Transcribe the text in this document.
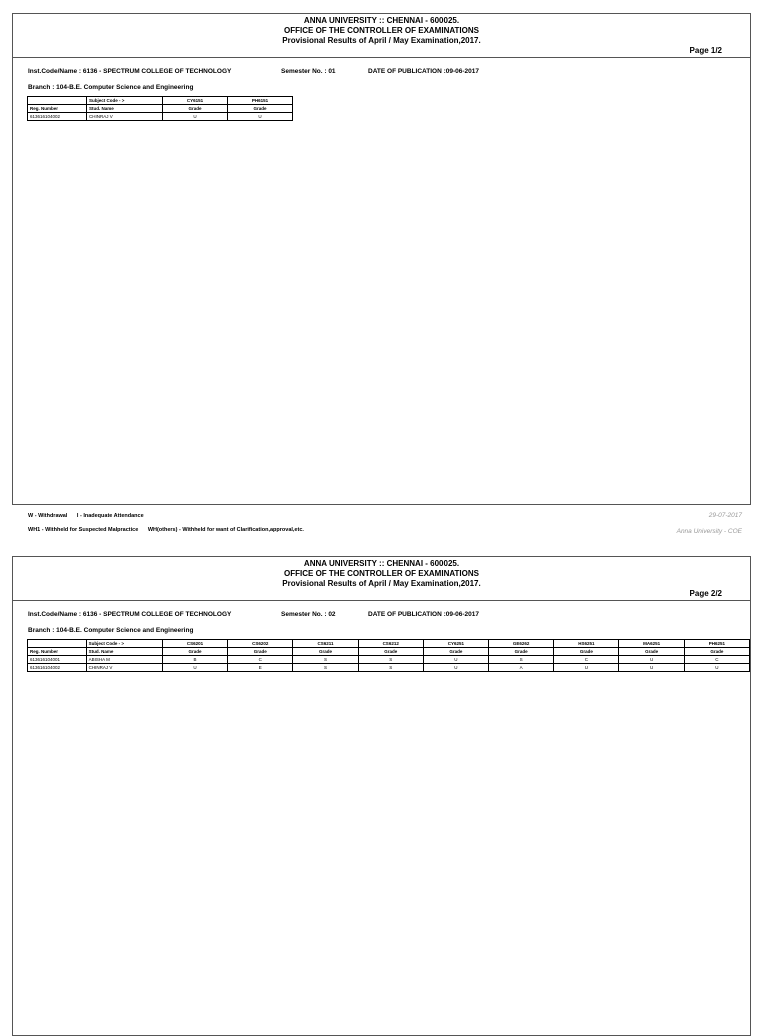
ANNA UNIVERSITY :: CHENNAI - 600025.
OFFICE OF THE CONTROLLER OF EXAMINATIONS
Provisional Results of April / May Examination,2017.
Page 1/2
Inst.Code/Name : 6136 - SPECTRUM COLLEGE OF TECHNOLOGY	Semester No. : 01	DATE OF PUBLICATION :09-06-2017
Branch : 104-B.E. Computer Science and Engineering
	Subject Code - >	CY6151	PH6151
Reg. Number	Stud. Name	Grade	Grade
613616104002	CHINRAJ V	U	U
W - Withdrawal I - Inadequate Attendance
WH1 - Withheld for Suspected Malpractice WH(others) - Withheld for want of Clarification,approval,etc.
29-07-2017
Anna University - COE
ANNA UNIVERSITY :: CHENNAI - 600025.
OFFICE OF THE CONTROLLER OF EXAMINATIONS
Provisional Results of April / May Examination,2017.
Page 2/2
Inst.Code/Name : 6136 - SPECTRUM COLLEGE OF TECHNOLOGY	Semester No. : 02	DATE OF PUBLICATION :09-06-2017
Branch : 104-B.E. Computer Science and Engineering
	Subject Code - >	CS6201	CS6202	CS6211	CS6212	CY6251	GE6262	HS6251	MA6251	PH6251
Reg. Number	Stud. Name	Grade	Grade	Grade	Grade	Grade	Grade	Grade	Grade	Grade
613616104001	ABISHA M	B	C	S	S	U	S	C	U	C
613616104002	CHINRAJ V	U	E	S	S	U	A	U	U	U
